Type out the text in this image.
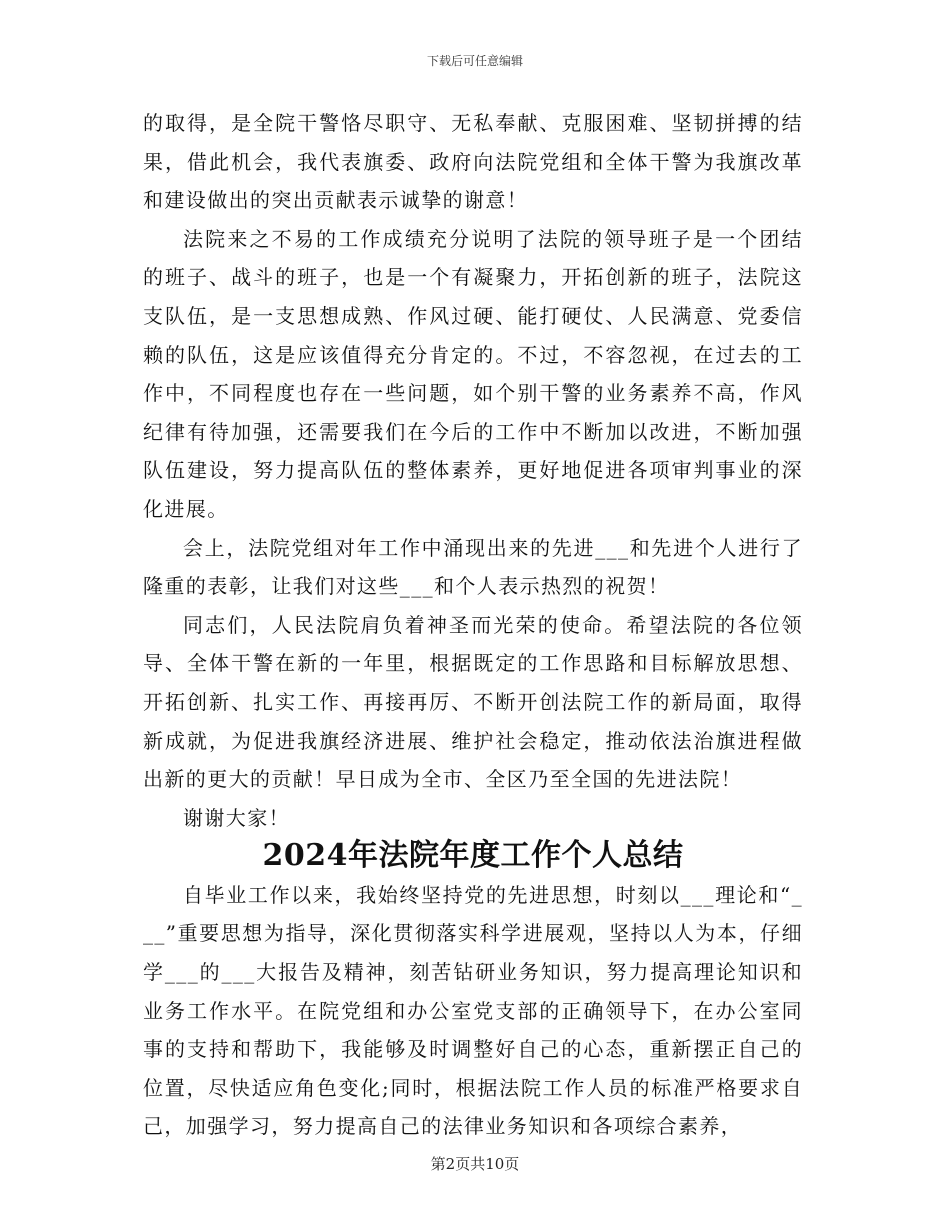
下载后可任意编辑

的取得，是全院干警恪尽职守、无私奉献、克服困难、坚韧拼搏的结果，借此机会，我代表旗委、政府向法院党组和全体干警为我旗改革和建设做出的突出贡献表示诚挚的谢意！

法院来之不易的工作成绩充分说明了法院的领导班子是一个团结的班子、战斗的班子，也是一个有凝聚力，开拓创新的班子，法院这支队伍，是一支思想成熟、作风过硬、能打硬仗、人民满意、党委信赖的队伍，这是应该值得充分肯定的。不过，不容忽视，在过去的工作中，不同程度也存在一些问题，如个别干警的业务素养不高，作风纪律有待加强，还需要我们在今后的工作中不断加以改进，不断加强队伍建设，努力提高队伍的整体素养，更好地促进各项审判事业的深化进展。

会上，法院党组对年工作中涌现出来的先进___和先进个人进行了隆重的表彰，让我们对这些___和个人表示热烈的祝贺！

同志们，人民法院肩负着神圣而光荣的使命。希望法院的各位领导、全体干警在新的一年里，根据既定的工作思路和目标解放思想、开拓创新、扎实工作、再接再厉、不断开创法院工作的新局面，取得新成就，为促进我旗经济进展、维护社会稳定，推动依法治旗进程做出新的更大的贡献！早日成为全市、全区乃至全国的先进法院！

谢谢大家！

2024年法院年度工作个人总结

自毕业工作以来，我始终坚持党的先进思想，时刻以___理论和“___”重要思想为指导，深化贯彻落实科学进展观，坚持以人为本，仔细学___的___大报告及精神，刻苦钻研业务知识，努力提高理论知识和业务工作水平。在院党组和办公室党支部的正确领导下，在办公室同事的支持和帮助下，我能够及时调整好自己的心态，重新摆正自己的位置，尽快适应角色变化;同时，根据法院工作人员的标准严格要求自己，加强学习，努力提高自己的法律业务知识和各项综合素养，

第2页共10页
